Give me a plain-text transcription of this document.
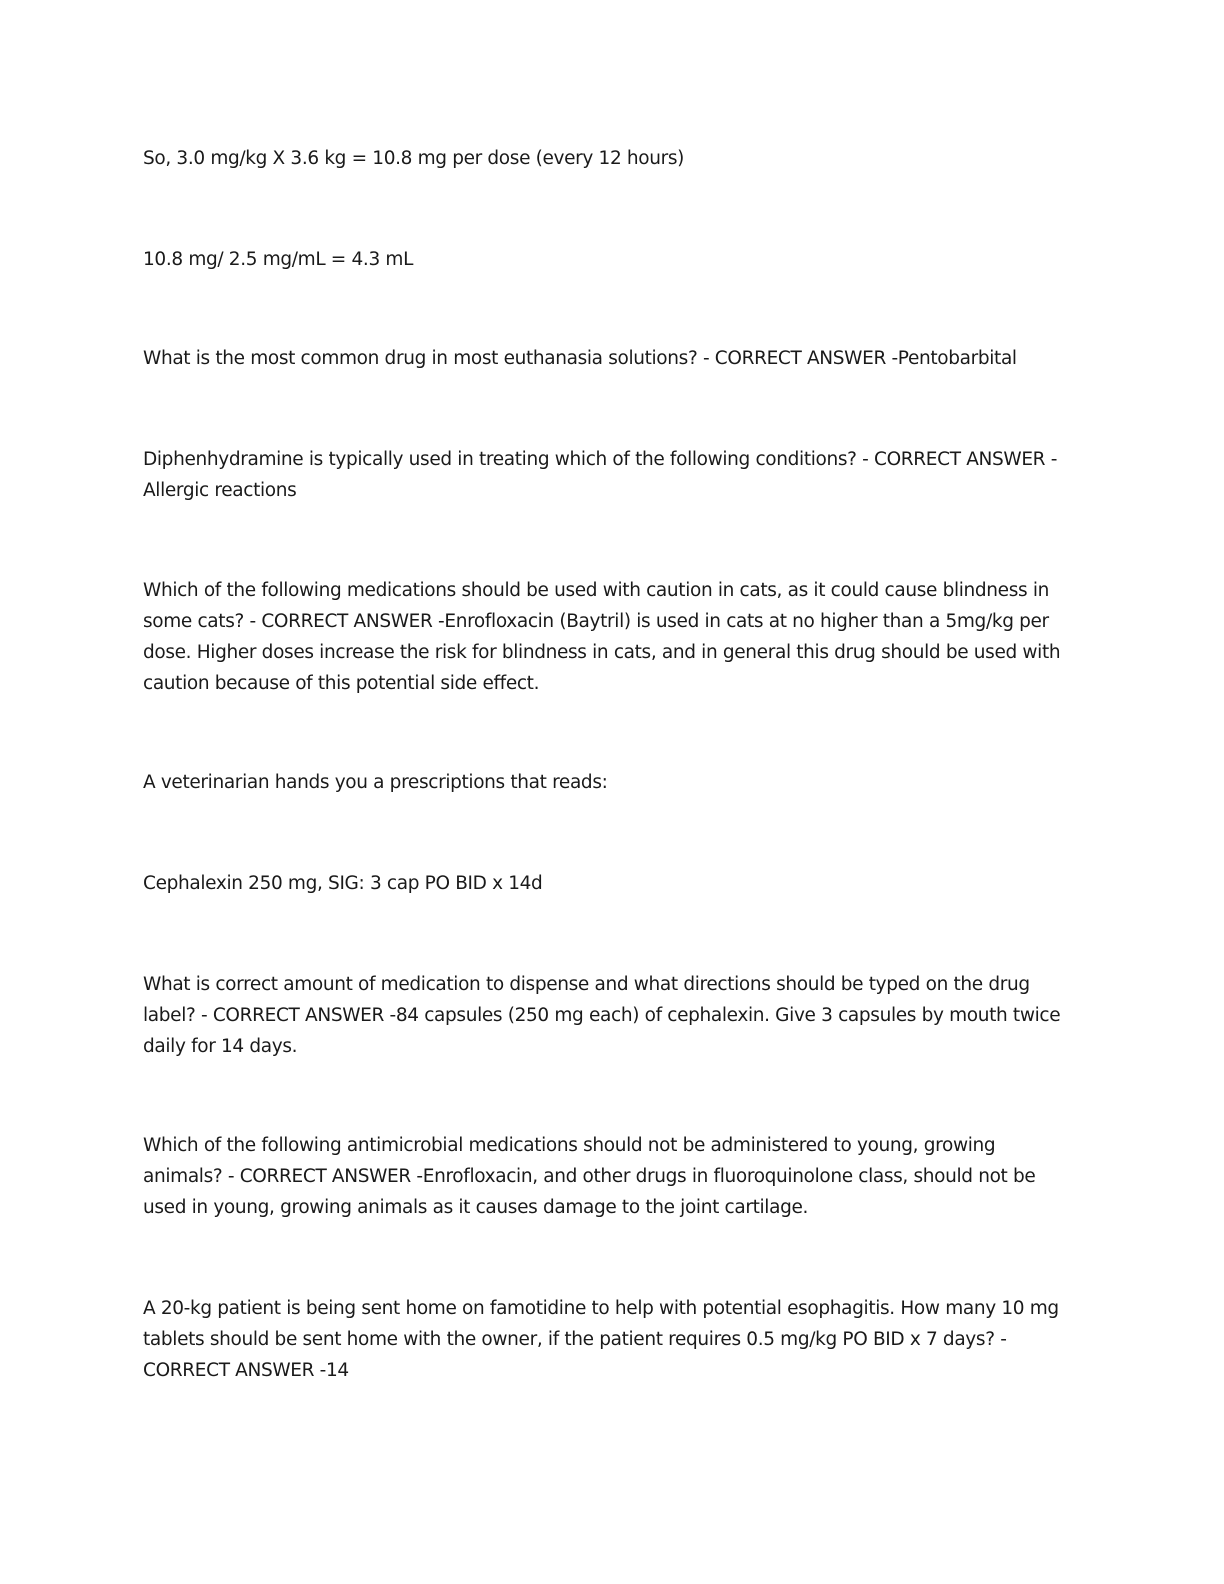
So, 3.0 mg/kg X 3.6 kg = 10.8 mg per dose (every 12 hours)
10.8 mg/ 2.5 mg/mL = 4.3 mL
What is the most common drug in most euthanasia solutions? - CORRECT ANSWER -Pentobarbital
Diphenhydramine is typically used in treating which of the following conditions? - CORRECT ANSWER -
Allergic reactions
Which of the following medications should be used with caution in cats, as it could cause blindness in
some cats? - CORRECT ANSWER -Enrofloxacin (Baytril) is used in cats at no higher than a 5mg/kg per
dose. Higher doses increase the risk for blindness in cats, and in general this drug should be used with
caution because of this potential side effect.
A veterinarian hands you a prescriptions that reads:
Cephalexin 250 mg, SIG: 3 cap PO BID x 14d
What is correct amount of medication to dispense and what directions should be typed on the drug
label? - CORRECT ANSWER -84 capsules (250 mg each) of cephalexin. Give 3 capsules by mouth twice
daily for 14 days.
Which of the following antimicrobial medications should not be administered to young, growing
animals? - CORRECT ANSWER -Enrofloxacin, and other drugs in fluoroquinolone class, should not be
used in young, growing animals as it causes damage to the joint cartilage.
A 20-kg patient is being sent home on famotidine to help with potential esophagitis. How many 10 mg
tablets should be sent home with the owner, if the patient requires 0.5 mg/kg PO BID x 7 days? -
CORRECT ANSWER -14
